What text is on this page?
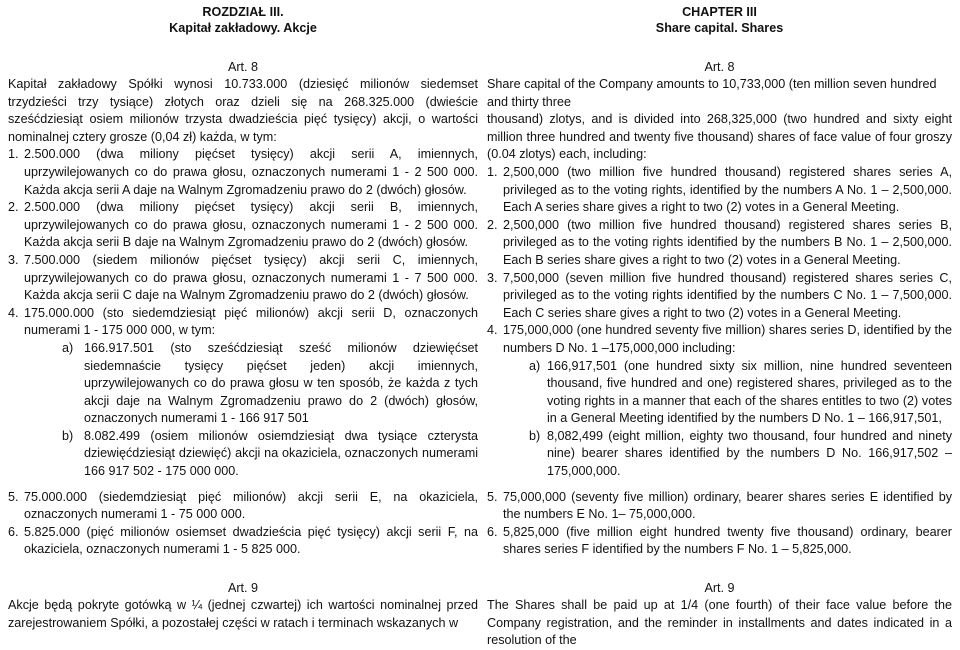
ROZDZIAŁ III.
Kapitał zakładowy. Akcje
Art. 8

Kapitał zakładowy Spółki wynosi 10.733.000 (dziesięć milionów siedemset trzydzieści trzy tysiące) złotych oraz dzieli się na 268.325.000 (dwieście sześćdziesiąt osiem milionów trzysta dwadzieścia pięć tysięcy) akcji, o wartości nominalnej cztery grosze (0,04 zł) każda, w tym:

1. 2.500.000 (dwa miliony pięćset tysięcy) akcji serii A, imiennych, uprzywilejowanych co do prawa głosu, oznaczonych numerami 1 - 2 500 000. Każda akcja serii A daje na Walnym Zgromadzeniu prawo do 2 (dwóch) głosów.
2. 2.500.000 (dwa miliony pięćset tysięcy) akcji serii B, imiennych, uprzywilejowanych co do prawa głosu, oznaczonych numerami 1 - 2 500 000. Każda akcja serii B daje na Walnym Zgromadzeniu prawo do 2 (dwóch) głosów.
3. 7.500.000 (siedem milionów pięćset tysięcy) akcji serii C, imiennych, uprzywilejowanych co do prawa głosu, oznaczonych numerami 1 - 7 500 000. Każda akcja serii C daje na Walnym Zgromadzeniu prawo do 2 (dwóch) głosów.
4. 175.000.000 (sto siedemdziesiąt pięć milionów) akcji serii D, oznaczonych numerami 1 - 175 000 000, w tym:
a) 166.917.501 (sto sześćdziesiąt sześć milionów dziewięćset siedemnaście tysięcy pięćset jeden) akcji imiennych, uprzywilejowanych co do prawa głosu w ten sposób, że każda z tych akcji daje na Walnym Zgromadzeniu prawo do 2 (dwóch) głosów, oznaczonych numerami 1 - 166 917 501
b) 8.082.499 (osiem milionów osiemdziesiąt dwa tysiące czterysta dziewięćdziesiąt dziewięć) akcji na okaziciela, oznaczonych numerami 166 917 502 - 175 000 000.
5. 75.000.000 (siedemdziesiąt pięć milionów) akcji serii E, na okaziciela, oznaczonych numerami 1 - 75 000 000.
6. 5.825.000 (pięć milionów osiemset dwadzieścia pięć tysięcy) akcji serii F, na okaziciela, oznaczonych numerami 1 - 5 825 000.
Art. 9

Akcje będą pokryte gotówką w ¼ (jednej czwartej) ich wartości nominalnej przed zarejestrowaniem Spółki, a pozostałej części w ratach i terminach wskazanych w

CHAPTER III
Share capital. Shares
Art. 8

Share capital of the Company amounts to 10,733,000 (ten million seven hundred and thirty three

thousand) zlotys, and is divided into 268,325,000 (two hundred and sixty eight million three hundred and twenty five thousand) shares of face value of four groszy (0.04 zlotys) each, including:

1. 2,500,000 (two million five hundred thousand) registered shares series A, privileged as to the voting rights, identified by the numbers A No. 1 – 2,500,000. Each A series share gives a right to two (2) votes in a General Meeting.
2. 2,500,000 (two million five hundred thousand) registered shares series B, privileged as to the voting rights identified by the numbers B No. 1 – 2,500,000. Each B series share gives a right to two (2) votes in a General Meeting.
3. 7,500,000 (seven million five hundred thousand) registered shares series C, privileged as to the voting rights identified by the numbers C No. 1 – 7,500,000. Each C series share gives a right to two (2) votes in a General Meeting.
4. 175,000,000 (one hundred seventy five million) shares series D, identified by the numbers D No. 1 –175,000,000 including:
a) 166,917,501 (one hundred sixty six million, nine hundred seventeen thousand, five hundred and one) registered shares, privileged as to the voting rights in a manner that each of the shares entitles to two (2) votes in a General Meeting identified by the numbers D No. 1 – 166,917,501,
b) 8,082,499 (eight million, eighty two thousand, four hundred and ninety nine) bearer shares identified by the numbers D No. 166,917,502 – 175,000,000.
5. 75,000,000 (seventy five million) ordinary, bearer shares series E identified by the numbers E No. 1– 75,000,000.
6. 5,825,000 (five million eight hundred twenty five thousand) ordinary, bearer shares series F identified by the numbers F No. 1 – 5,825,000.
Art. 9

The Shares shall be paid up at 1/4 (one fourth) of their face value before the Company registration, and the reminder in installments and dates indicated in a resolution of the
